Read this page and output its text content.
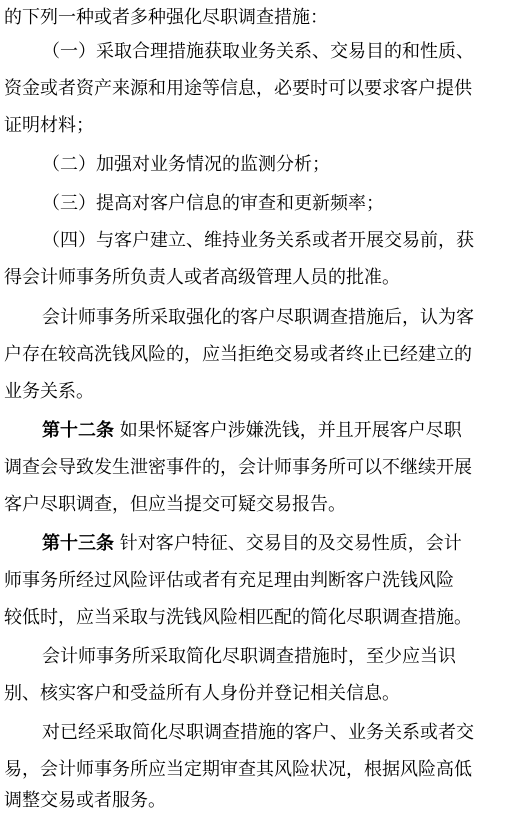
的下列一种或者多种强化尽职调查措施：
（一）采取合理措施获取业务关系、交易目的和性质、
资金或者资产来源和用途等信息，必要时可以要求客户提供
证明材料；
（二）加强对业务情况的监测分析；
（三）提高对客户信息的审查和更新频率；
（四）与客户建立、维持业务关系或者开展交易前，获
得会计师事务所负责人或者高级管理人员的批准。
会计师事务所采取强化的客户尽职调查措施后，认为客
户存在较高洗钱风险的，应当拒绝交易或者终止已经建立的
业务关系。
第十二条 如果怀疑客户涉嫌洗钱，并且开展客户尽职
调查会导致发生泄密事件的，会计师事务所可以不继续开展
客户尽职调查，但应当提交可疑交易报告。
第十三条 针对客户特征、交易目的及交易性质，会计
师事务所经过风险评估或者有充足理由判断客户洗钱风险
较低时，应当采取与洗钱风险相匹配的简化尽职调查措施。
会计师事务所采取简化尽职调查措施时，至少应当识
别、核实客户和受益所有人身份并登记相关信息。
对已经采取简化尽职调查措施的客户、业务关系或者交
易，会计师事务所应当定期审查其风险状况，根据风险高低
调整交易或者服务。
